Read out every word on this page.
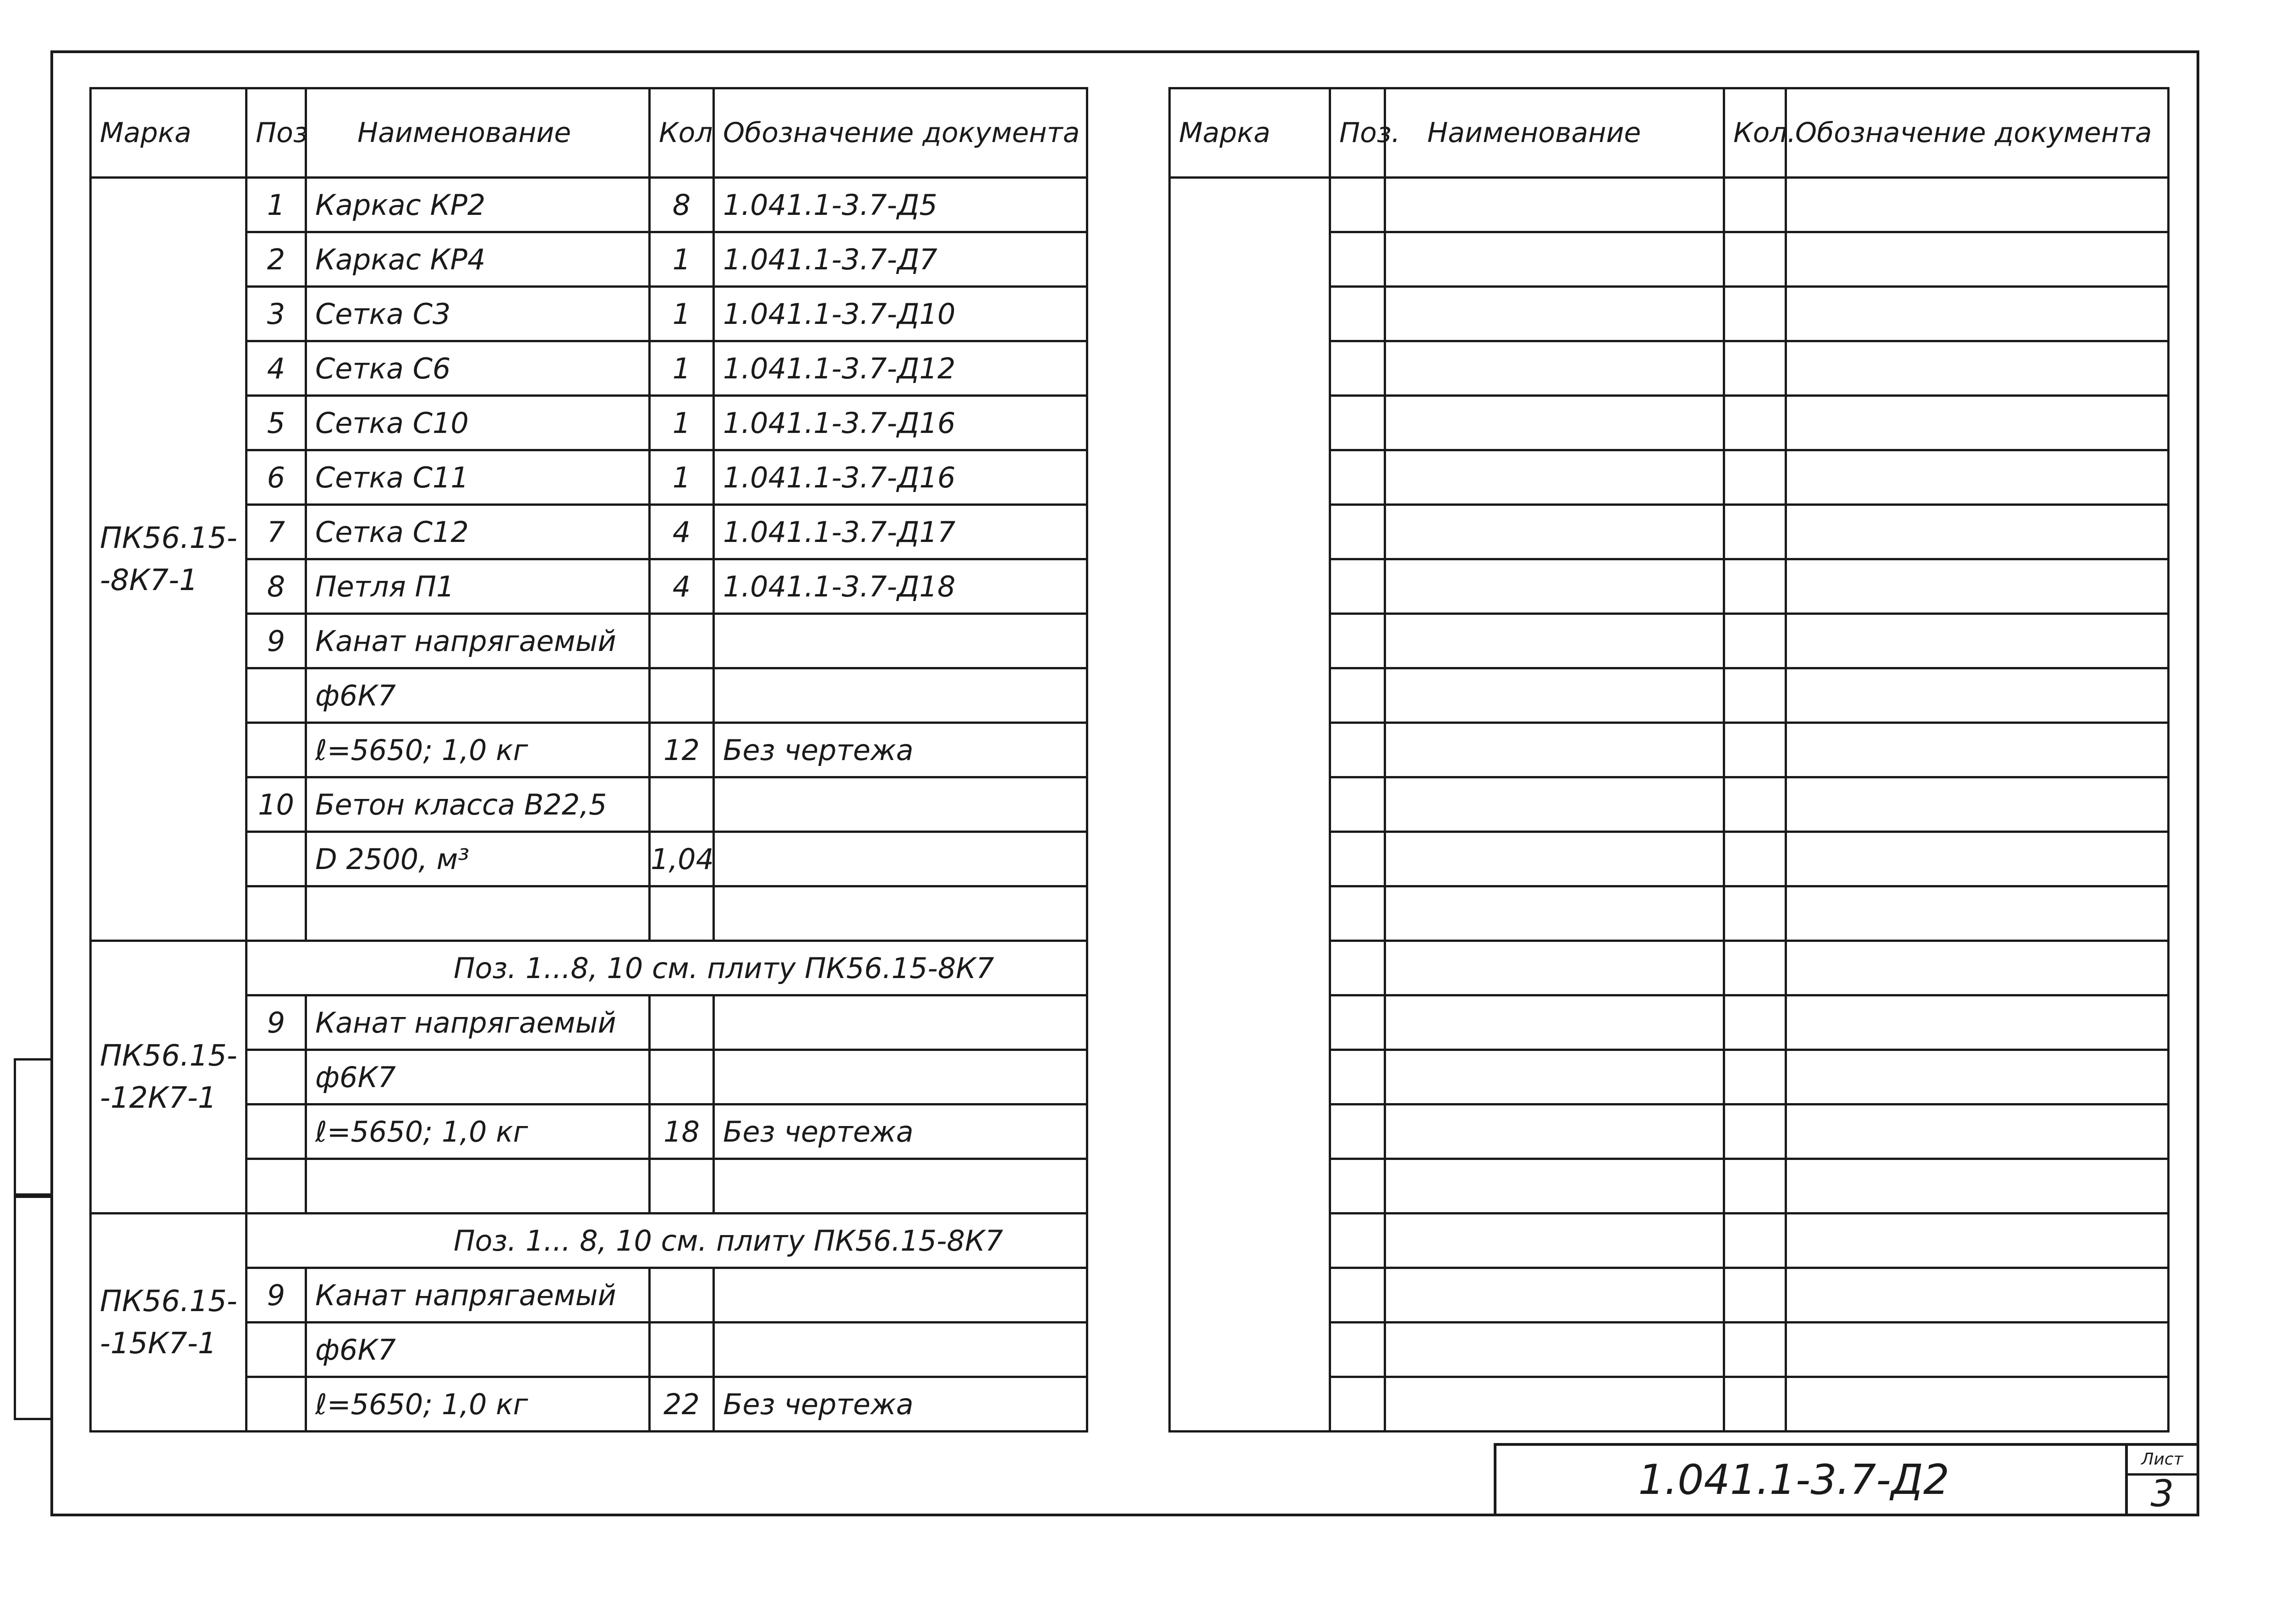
Марка	Поз	Наименование	Кол	Обозначение документа
ПК56.15-
-8К7-1	1	Каркас КР2	8	1.041.1-3.7-Д5
	2	Каркас КР4	1	1.041.1-3.7-Д7
	3	Сетка С3	1	1.041.1-3.7-Д10
	4	Сетка С6	1	1.041.1-3.7-Д12
	5	Сетка С10	1	1.041.1-3.7-Д16
	6	Сетка С11	1	1.041.1-3.7-Д16
	7	Сетка С12	4	1.041.1-3.7-Д17
	8	Петля П1	4	1.041.1-3.7-Д18
	9	Канат напрягаемый		
		ф6К7		
		ℓ=5650; 1,0 кг	12	Без чертежа
	10	Бетон класса В22,5		
		D 2500, м³	1,04	

ПК56.15-
-12К7-1	Поз. 1...8, 10 см. плиту ПК56.15-8К7			
	9	Канат напрягаемый		
		ф6К7		
		ℓ=5650; 1,0 кг	18	Без чертежа

ПК56.15-
-15К7-1	Поз. 1... 8, 10 см. плиту ПК56.15-8К7			
	9	Канат напрягаемый		
		ф6К7		
		ℓ=5650; 1,0 кг	22	Без чертежа
Марка	Поз.	Наименование	Кол.	Обозначение документа

1.041.1-3.7-Д2	Лист
3
